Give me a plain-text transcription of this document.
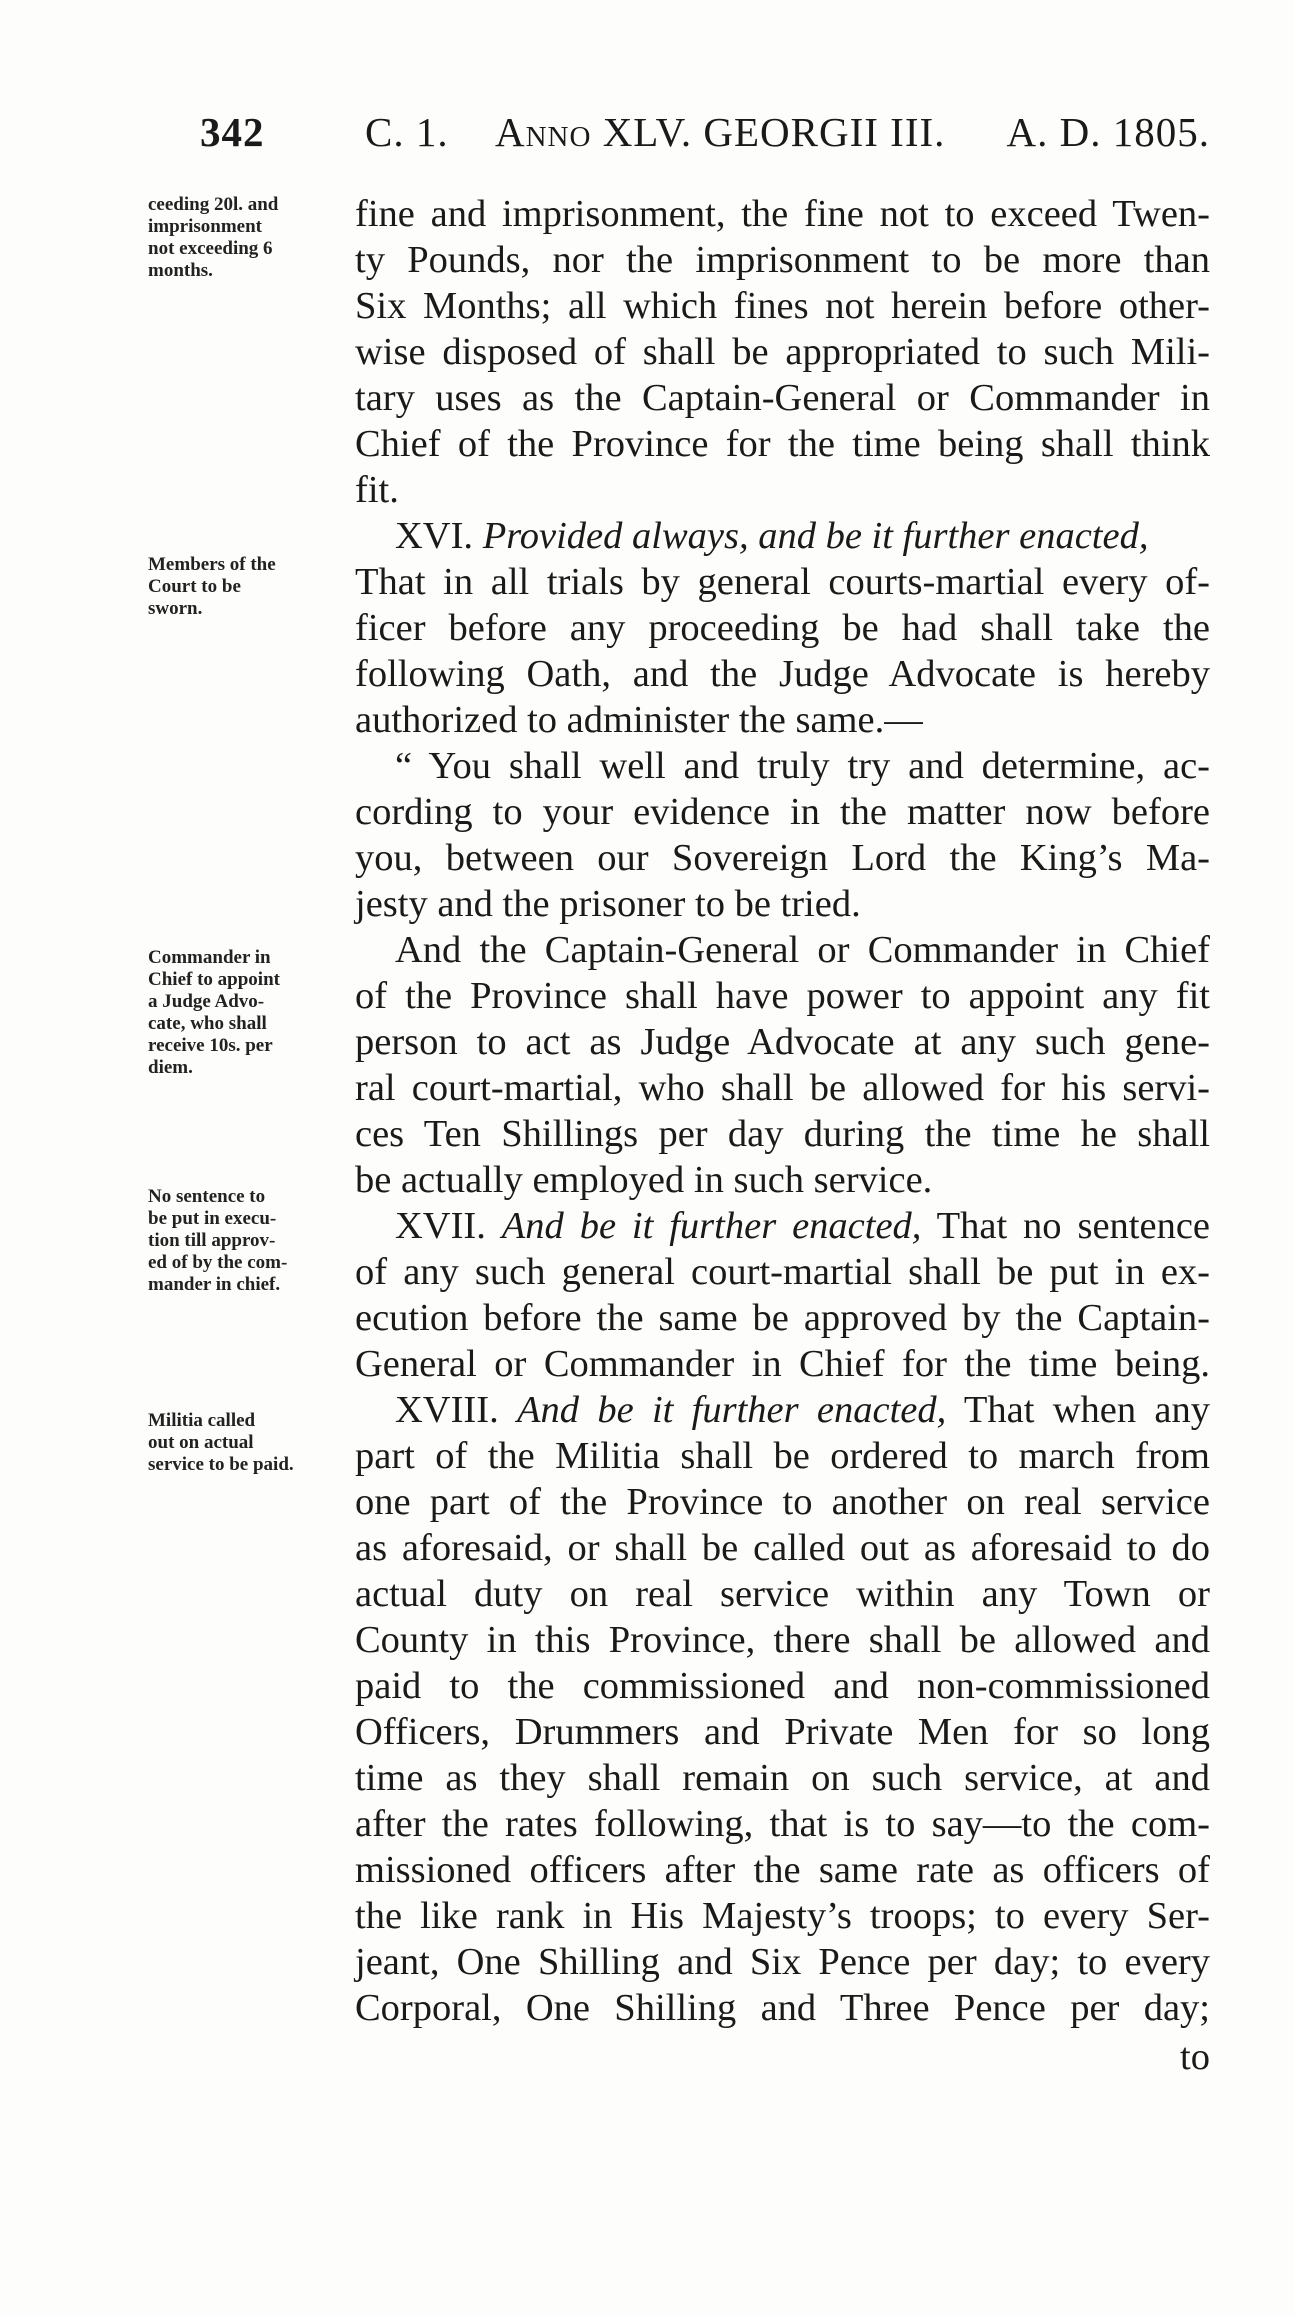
342 C. 1. Anno XLV. GEORGII III. A. D. 1805.
ceeding 20l. and
imprisonment
not exceeding 6
months.
Members of the
Court to be
sworn.
Commander in
Chief to appoint
a Judge Advo-
cate, who shall
receive 10s. per
diem.
No sentence to
be put in execu-
tion till approv-
ed of by the com-
mander in chief.
Militia called
out on actual
service to be paid.
fine and imprisonment, the fine not to exceed Twen-
ty Pounds, nor the imprisonment to be more than
Six Months; all which fines not herein before other-
wise disposed of shall be appropriated to such Mili-
tary uses as the Captain-General or Commander in
Chief of the Province for the time being shall think
fit.
XVI. Provided always, and be it further enacted,
That in all trials by general courts-martial every of-
ficer before any proceeding be had shall take the
following Oath, and the Judge Advocate is hereby
authorized to administer the same.—
“ You shall well and truly try and determine, ac-
cording to your evidence in the matter now before
you, between our Sovereign Lord the King’s Ma-
jesty and the prisoner to be tried.
And the Captain-General or Commander in Chief
of the Province shall have power to appoint any fit
person to act as Judge Advocate at any such gene-
ral court-martial, who shall be allowed for his servi-
ces Ten Shillings per day during the time he shall
be actually employed in such service.
XVII. And be it further enacted, That no sentence
of any such general court-martial shall be put in ex-
ecution before the same be approved by the Captain-
General or Commander in Chief for the time being.
XVIII. And be it further enacted, That when any
part of the Militia shall be ordered to march from
one part of the Province to another on real service
as aforesaid, or shall be called out as aforesaid to do
actual duty on real service within any Town or
County in this Province, there shall be allowed and
paid to the commissioned and non-commissioned
Officers, Drummers and Private Men for so long
time as they shall remain on such service, at and
after the rates following, that is to say—to the com-
missioned officers after the same rate as officers of
the like rank in His Majesty’s troops; to every Ser-
jeant, One Shilling and Six Pence per day; to every
Corporal, One Shilling and Three Pence per day;
to
